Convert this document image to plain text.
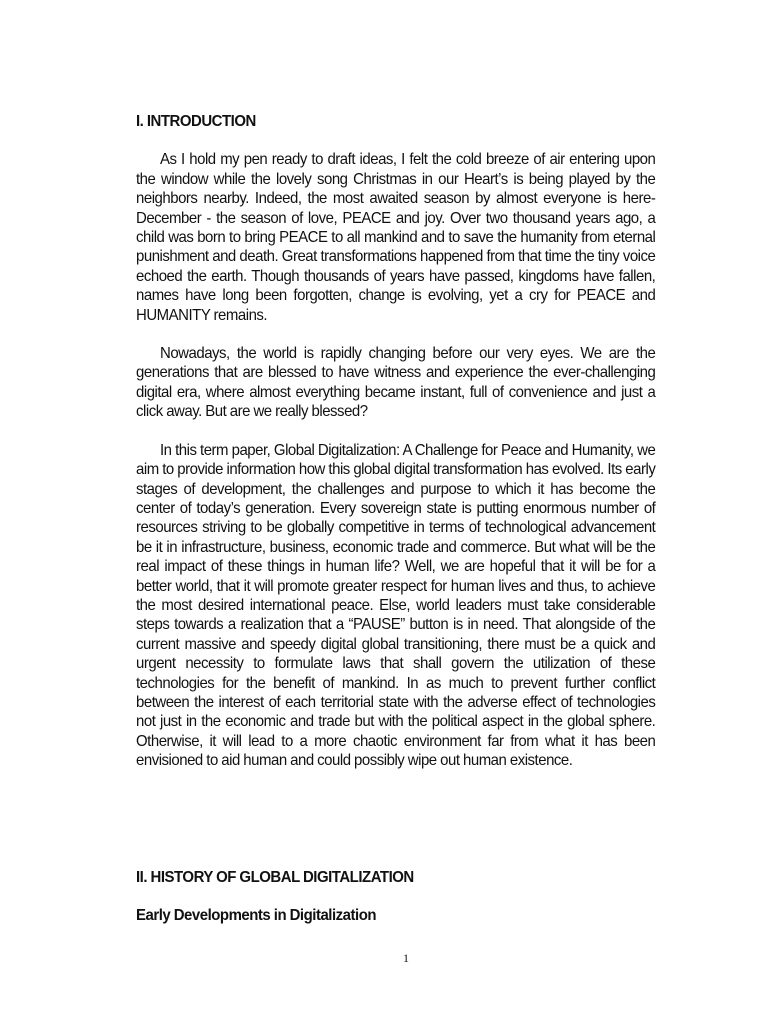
I. INTRODUCTION

As I hold my pen ready to draft ideas, I felt the cold breeze of air entering upon the window while the lovely song Christmas in our Heart’s is being played by the neighbors nearby. Indeed, the most awaited season by almost everyone is here- December - the season of love, PEACE and joy. Over two thousand years ago, a child was born to bring PEACE to all mankind and to save the humanity from eternal punishment and death. Great transformations happened from that time the tiny voice echoed the earth. Though thousands of years have passed, kingdoms have fallen, names have long been forgotten, change is evolving, yet a cry for PEACE and HUMANITY remains.

Nowadays, the world is rapidly changing before our very eyes. We are the generations that are blessed to have witness and experience the ever-challenging digital era, where almost everything became instant, full of convenience and just a click away. But are we really blessed?

In this term paper, Global Digitalization: A Challenge for Peace and Humanity, we aim to provide information how this global digital transformation has evolved. Its early stages of development, the challenges and purpose to which it has become the center of today’s generation. Every sovereign state is putting enormous number of resources striving to be globally competitive in terms of technological advancement be it in infrastructure, business, economic trade and commerce. But what will be the real impact of these things in human life? Well, we are hopeful that it will be for a better world, that it will promote greater respect for human lives and thus, to achieve the most desired international peace. Else, world leaders must take considerable steps towards a realization that a “PAUSE” button is in need. That alongside of the current massive and speedy digital global transitioning, there must be a quick and urgent necessity to formulate laws that shall govern the utilization of these technologies for the benefit of mankind. In as much to prevent further conflict between the interest of each territorial state with the adverse effect of technologies not just in the economic and trade but with the political aspect in the global sphere. Otherwise, it will lead to a more chaotic environment far from what it has been envisioned to aid human and could possibly wipe out human existence.

II. HISTORY OF GLOBAL DIGITALIZATION

Early Developments in Digitalization

1
